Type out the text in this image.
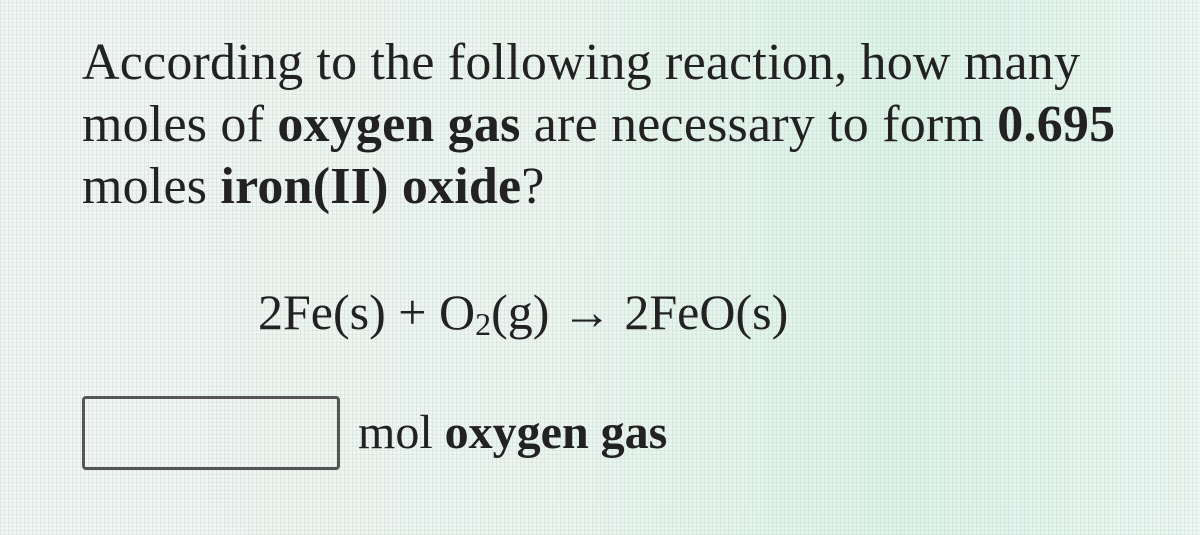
According to the following reaction, how many
moles of oxygen gas are necessary to form 0.695
moles iron(II) oxide?
$2Fe(s) + O_2(g) \to 2FeO(s)$
mol oxygen gas
